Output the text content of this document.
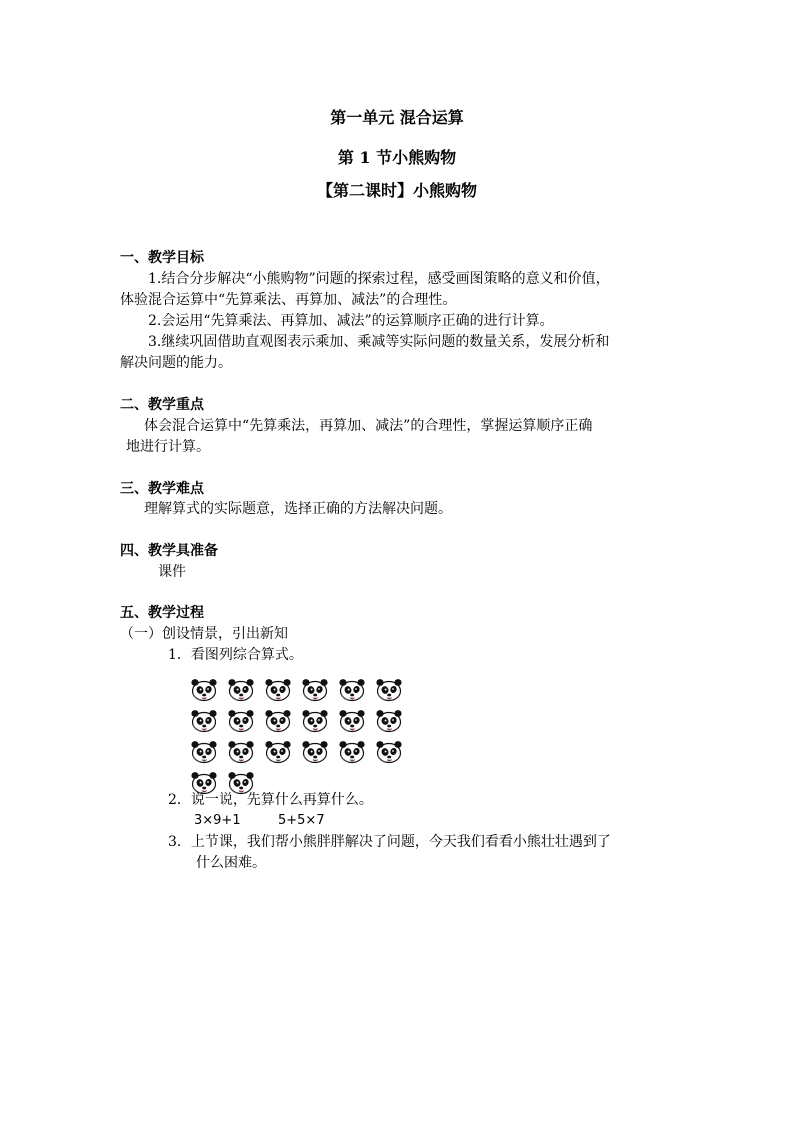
第一单元 混合运算
第 1 节小熊购物
【第二课时】小熊购物
一、教学目标
1.结合分步解决“小熊购物”问题的探索过程，感受画图策略的意义和价值，
体验混合运算中“先算乘法、再算加、减法”的合理性。
2.会运用“先算乘法、再算加、减法”的运算顺序正确的进行计算。
3.继续巩固借助直观图表示乘加、乘减等实际问题的数量关系，发展分析和
解决问题的能力。
二、教学重点
体会混合运算中“先算乘法，再算加、减法”的合理性，掌握运算顺序正确
地进行计算。
三、教学难点
理解算式的实际题意，选择正确的方法解决问题。
四、教学具准备
课件
五、教学过程
（一）创设情景，引出新知
1．看图列综合算式。
2．说一说，先算什么再算什么。
3×9+1	5+5×7
3．上节课，我们帮小熊胖胖解决了问题，今天我们看看小熊壮壮遇到了
什么困难。
